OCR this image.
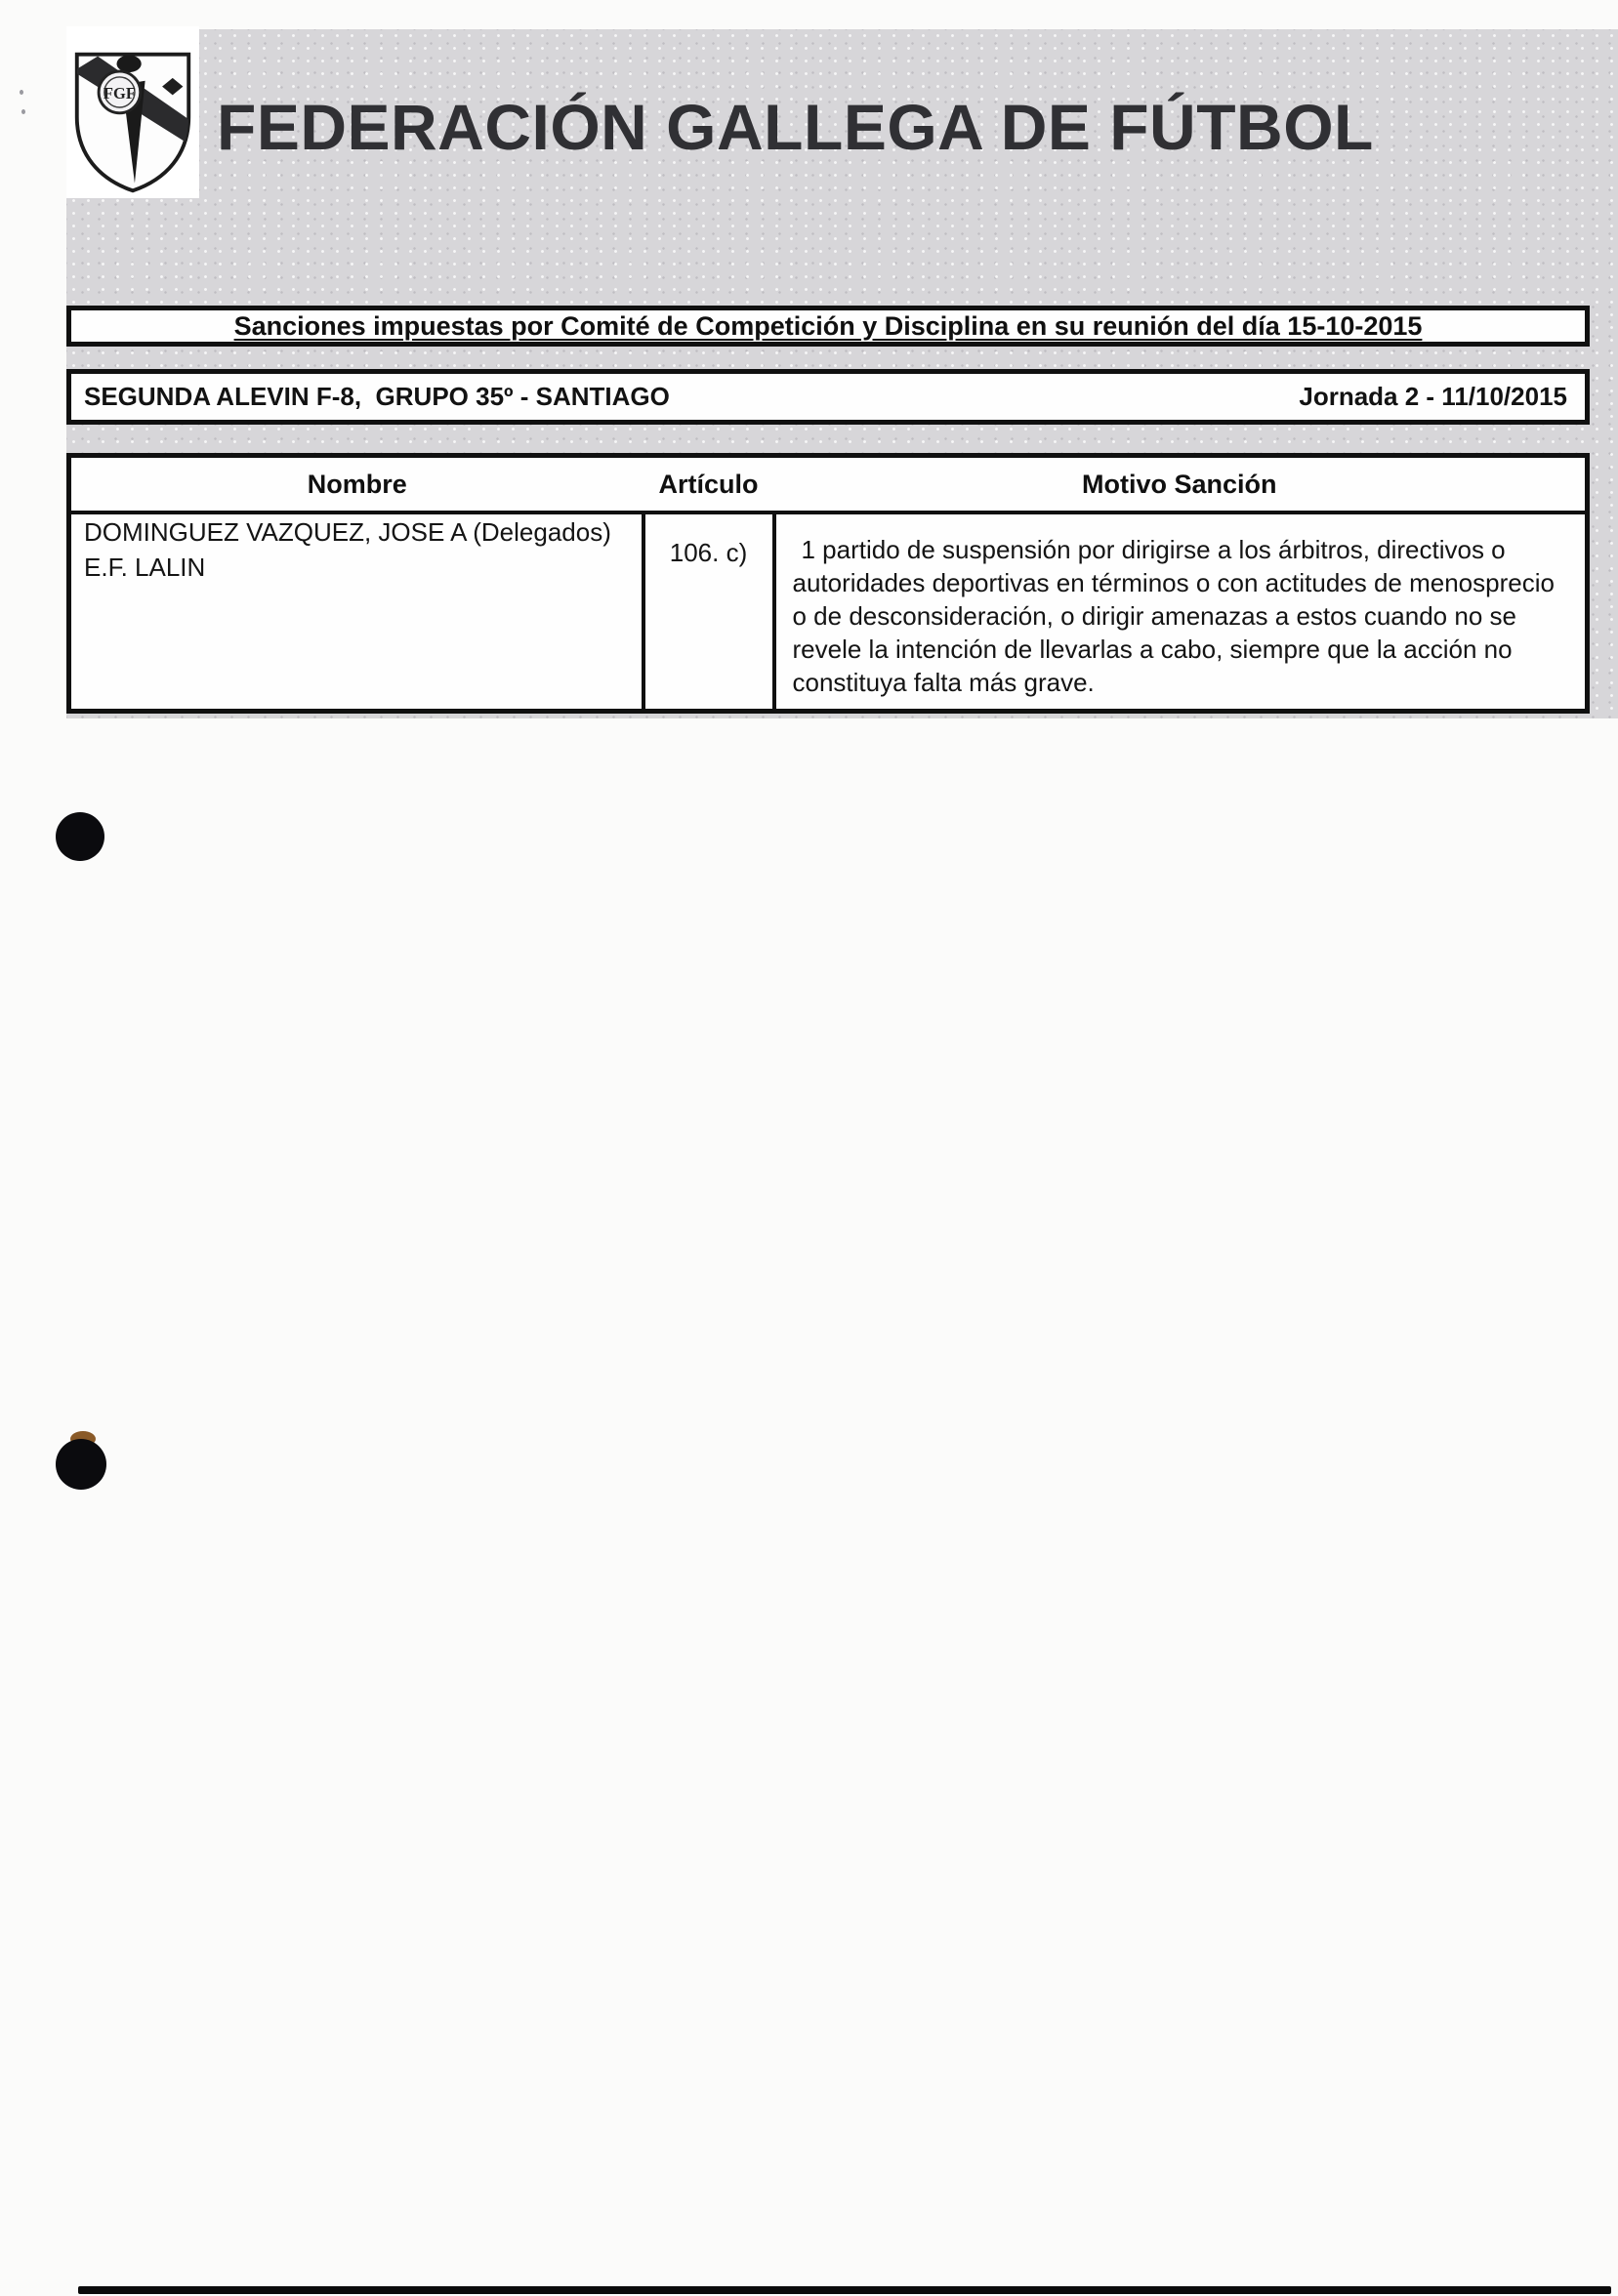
FGF FEDERACIÓN GALLEGA DE FÚTBOL
Sanciones impuestas por Comité de Competición y Disciplina en su reunión del día 15-10-2015
SEGUNDA ALEVIN F-8,  GRUPO 35º - SANTIAGO	Jornada 2 - 11/10/2015
Nombre	Artículo	Motivo Sanción

DOMINGUEZ VAZQUEZ, JOSE A (Delegados)
E.F. LALIN	106. c)	1 partido de suspensión por dirigirse a los árbitros, directivos o autoridades deportivas en términos o con actitudes de menosprecio o de desconsideración, o dirigir amenazas a estos cuando no se revele la intención de llevarlas a cabo, siempre que la acción no constituya falta más grave.
